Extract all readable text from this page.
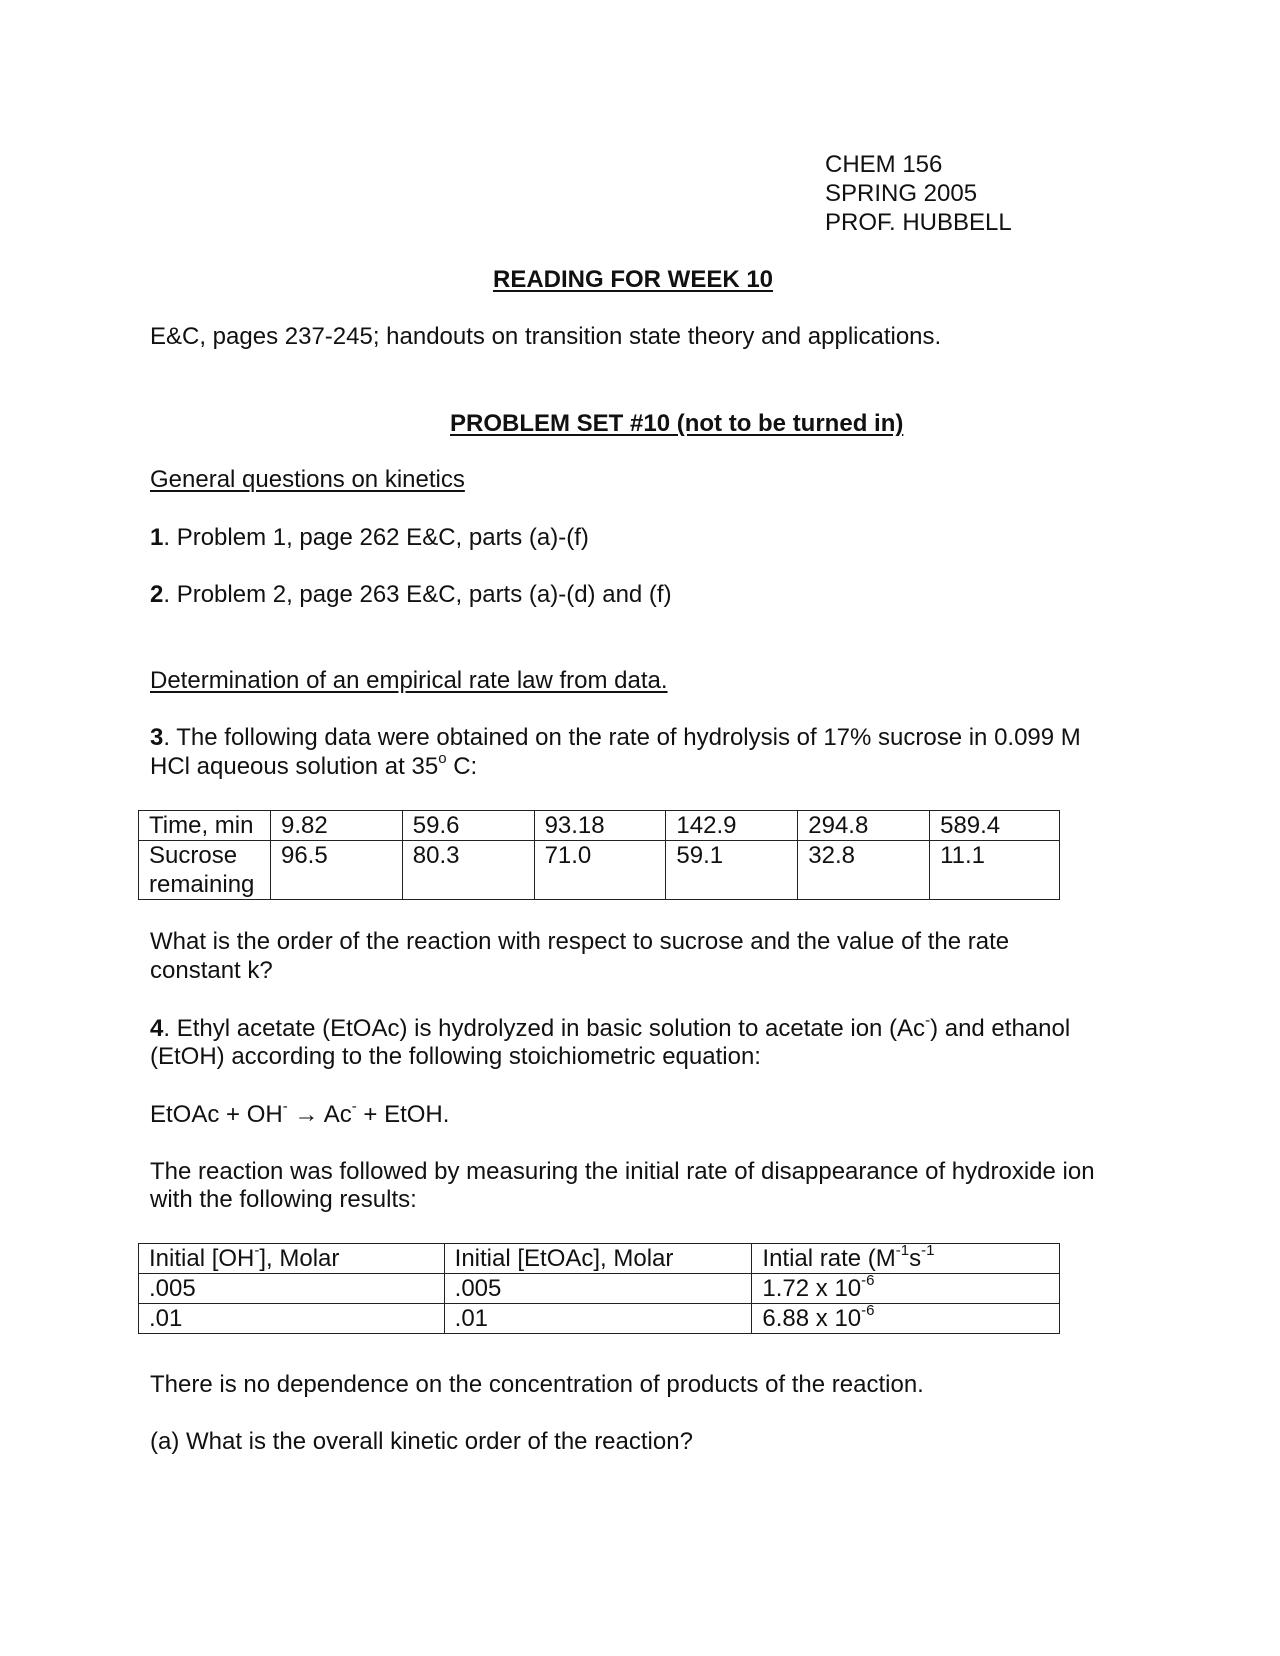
CHEM 156
SPRING 2005
PROF. HUBBELL
READING FOR WEEK 10
E&C, pages 237-245; handouts on transition state theory and applications.
PROBLEM SET #10 (not to be turned in)
General questions on kinetics
1. Problem 1, page 262 E&C, parts (a)-(f)
2. Problem 2, page 263 E&C, parts (a)-(d) and (f)
Determination of an empirical rate law from data.
3. The following data were obtained on the rate of hydrolysis of 17% sucrose in 0.099 M
HCl aqueous solution at 35$^o$ C:
Time, min	9.82	59.6	93.18	142.9	294.8	589.4

Sucrose
remaining	96.5	80.3	71.0	59.1	32.8	11.1
What is the order of the reaction with respect to sucrose and the value of the rate
constant k?
4. Ethyl acetate (EtOAc) is hydrolyzed in basic solution to acetate ion (Ac-) and ethanol
(EtOH) according to the following stoichiometric equation:
EtOAc + OH- → Ac- + EtOH.
The reaction was followed by measuring the initial rate of disappearance of hydroxide ion
with the following results:
Initial [OH-], Molar	Initial [EtOAc], Molar	Intial rate ($M^{-1}s^{-1}$
.005	.005	1.72 x $10^{-6}$
.01	.01	6.88 x $10^{-6}$
There is no dependence on the concentration of products of the reaction.
(a) What is the overall kinetic order of the reaction?
